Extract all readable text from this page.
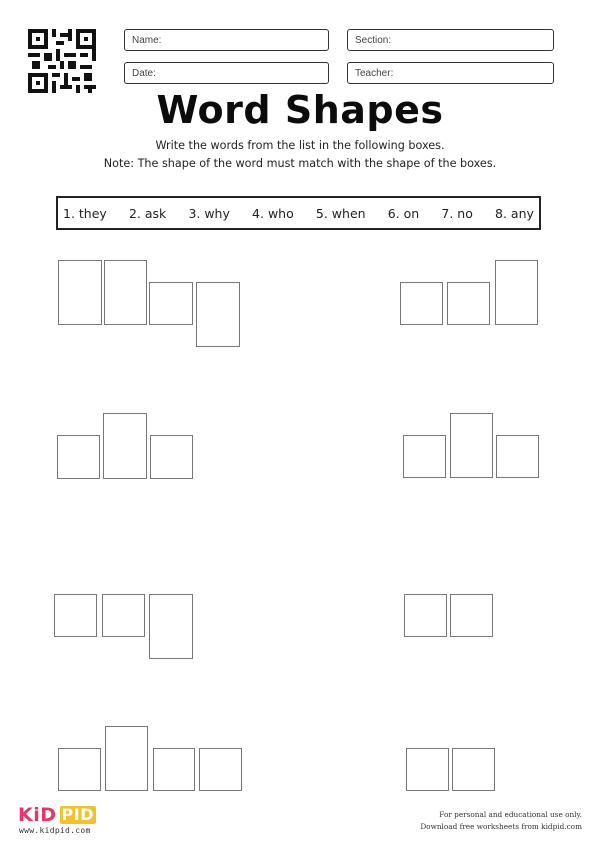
Name:	Section:
Date:	Teacher:
Word Shapes
Write the words from the list in the following boxes.
Note: The shape of the word must match with the shape of the boxes.
1. they 2. ask 3. why 4. who 5. when 6. on 7. no 8. any
KiD PID
www.kidpid.com
For personal and educational use only.
Download free worksheets from kidpid.com
